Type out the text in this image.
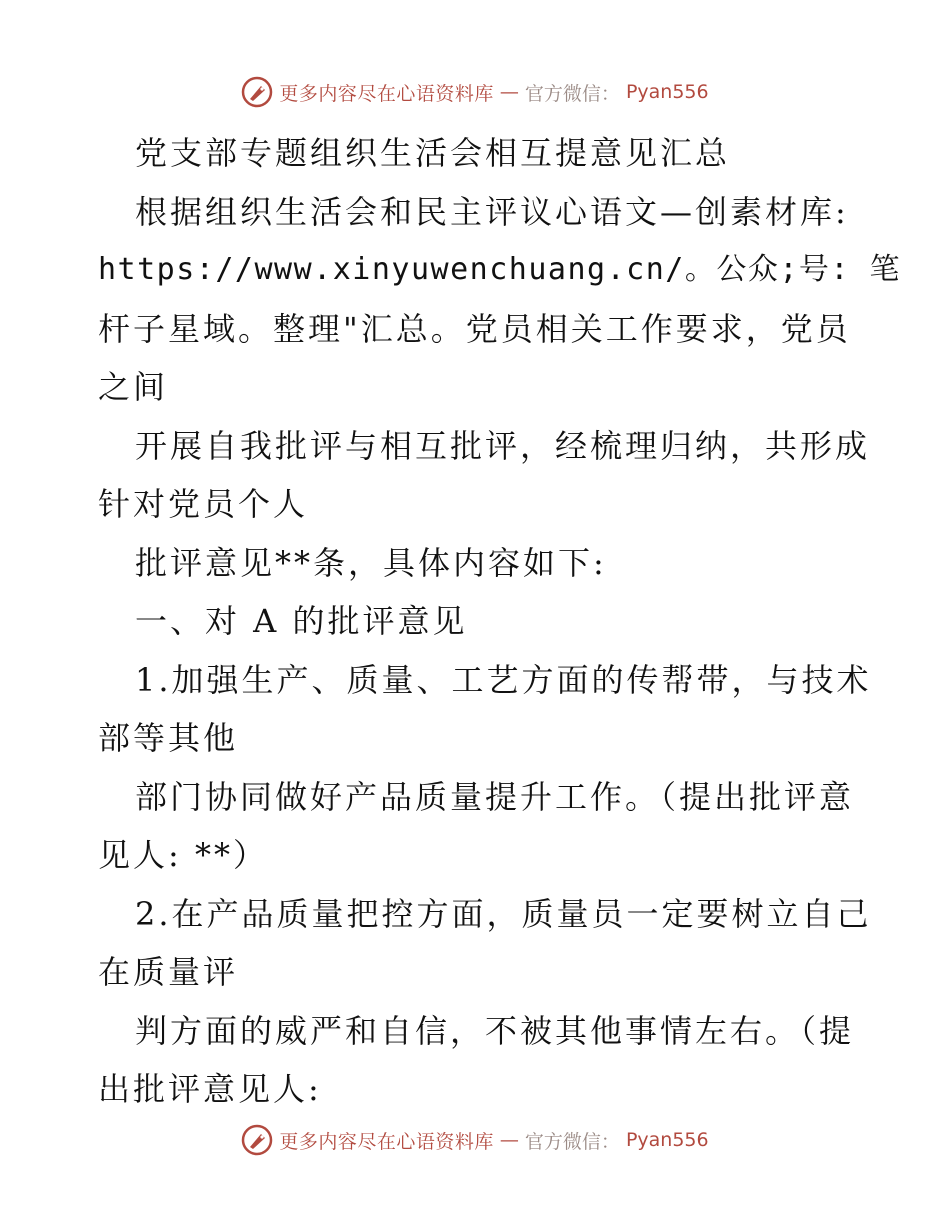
更多内容尽在心语资料库 — 官方微信： Pyan556
党支部专题组织生活会相互提意见汇总
根据组织生活会和民主评议心语文—创素材库:
https://www.xinyuwenchuang.cn/。公众;号: 笔
杆子星域。整理"汇总。党员相关工作要求，党员
之间
开展自我批评与相互批评，经梳理归纳，共形成
针对党员个人
批评意见**条，具体内容如下:
一、对 A 的批评意见
1.加强生产、质量、工艺方面的传帮带，与技术
部等其他
部门协同做好产品质量提升工作。（提出批评意
见人: **）
2.在产品质量把控方面，质量员一定要树立自己
在质量评
判方面的威严和自信，不被其他事情左右。（提
出批评意见人:
更多内容尽在心语资料库 — 官方微信： Pyan556
